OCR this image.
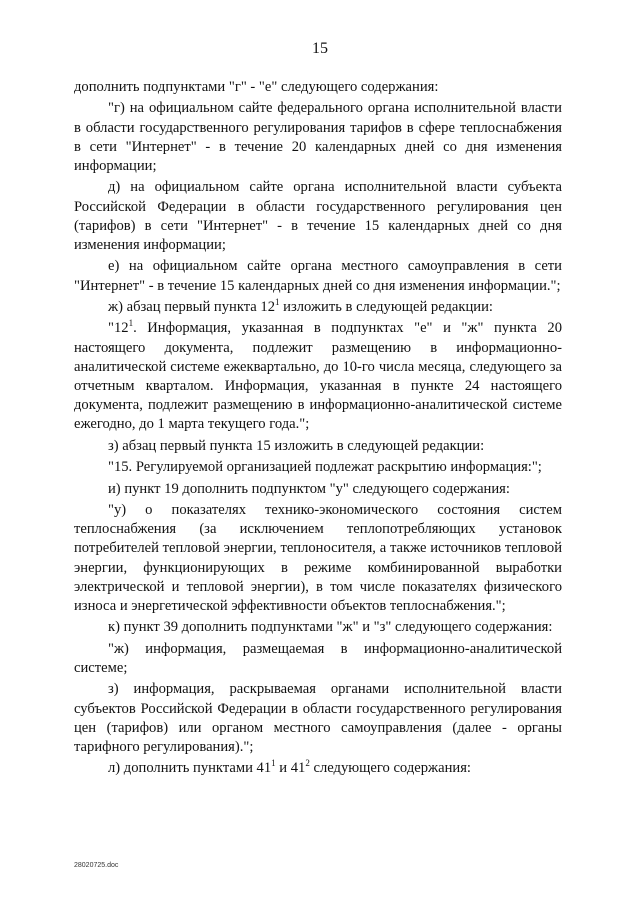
15

дополнить подпунктами "г" - "е" следующего содержания:

"г) на официальном сайте федерального органа исполнительной власти в области государственного регулирования тарифов в сфере теплоснабжения в сети "Интернет" - в течение 20 календарных дней со дня изменения информации;

д) на официальном сайте органа исполнительной власти субъекта Российской Федерации в области государственного регулирования цен (тарифов) в сети "Интернет" - в течение 15 календарных дней со дня изменения информации;

е) на официальном сайте органа местного самоуправления в сети "Интернет" - в течение 15 календарных дней со дня изменения информации.";

ж) абзац первый пункта $12^1$ изложить в следующей редакции:

"$12^1$. Информация, указанная в подпунктах "е" и "ж" пункта 20 настоящего документа, подлежит размещению в информационно-аналитической системе ежеквартально, до 10-го числа месяца, следующего за отчетным кварталом. Информация, указанная в пункте 24 настоящего документа, подлежит размещению в информационно-аналитической системе ежегодно, до 1 марта текущего года.";

з) абзац первый пункта 15 изложить в следующей редакции:

"15. Регулируемой организацией подлежат раскрытию информация:";

и) пункт 19 дополнить подпунктом "у" следующего содержания:

"у) о показателях технико-экономического состояния систем теплоснабжения (за исключением теплопотребляющих установок потребителей тепловой энергии, теплоносителя, а также источников тепловой энергии, функционирующих в режиме комбинированной выработки электрической и тепловой энергии), в том числе показателях физического износа и энергетической эффективности объектов теплоснабжения.";

к) пункт 39 дополнить подпунктами "ж" и "з" следующего содержания:

"ж) информация, размещаемая в информационно-аналитической системе;

з) информация, раскрываемая органами исполнительной власти субъектов Российской Федерации в области государственного регулирования цен (тарифов) или органом местного самоуправления (далее - органы тарифного регулирования).";

л) дополнить пунктами $41^1$ и $41^2$ следующего содержания:

28020725.doc
